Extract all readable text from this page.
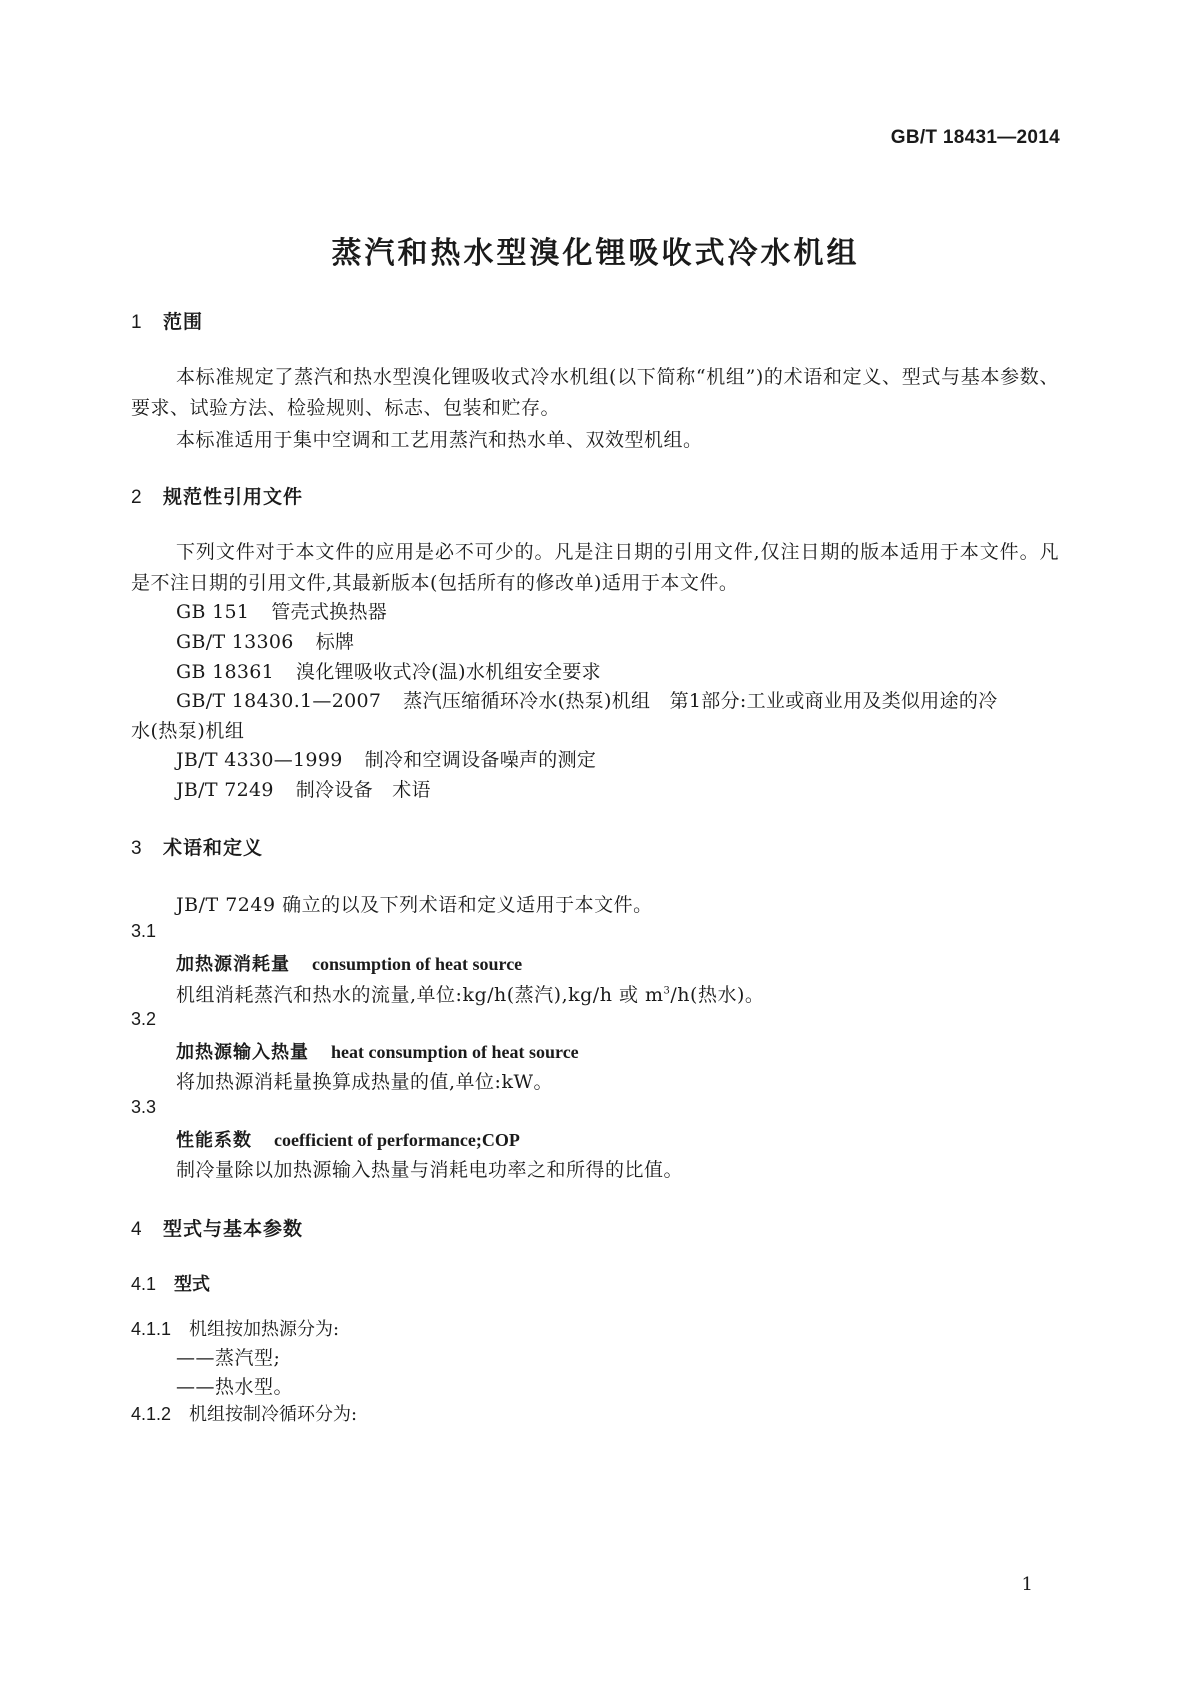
GB/T 18431—2014
蒸汽和热水型溴化锂吸收式冷水机组
1 范围
本标准规定了蒸汽和热水型溴化锂吸收式冷水机组(以下简称“机组”)的术语和定义、型式与基本参数、要求、试验方法、检验规则、标志、包装和贮存。
本标准适用于集中空调和工艺用蒸汽和热水单、双效型机组。
2 规范性引用文件
下列文件对于本文件的应用是必不可少的。凡是注日期的引用文件,仅注日期的版本适用于本文件。凡是不注日期的引用文件,其最新版本(包括所有的修改单)适用于本文件。
GB 151 管壳式换热器
GB/T 13306 标牌
GB 18361 溴化锂吸收式冷(温)水机组安全要求
GB/T 18430.1—2007 蒸汽压缩循环冷水(热泵)机组　第1部分:工业或商业用及类似用途的冷
水(热泵)机组
JB/T 4330—1999 制冷和空调设备噪声的测定
JB/T 7249 制冷设备　术语
3 术语和定义
JB/T 7249 确立的以及下列术语和定义适用于本文件。
3.1
加热源消耗量 consumption of heat source
机组消耗蒸汽和热水的流量,单位:kg/h(蒸汽),kg/h 或 $m^3/h$(热水)。
3.2
加热源输入热量 heat consumption of heat source
将加热源消耗量换算成热量的值,单位:kW。
3.3
性能系数 coefficient of performance;COP
制冷量除以加热源输入热量与消耗电功率之和所得的比值。
4 型式与基本参数
4.1 型式
4.1.1 机组按加热源分为:
——蒸汽型;
——热水型。
4.1.2 机组按制冷循环分为:
1
